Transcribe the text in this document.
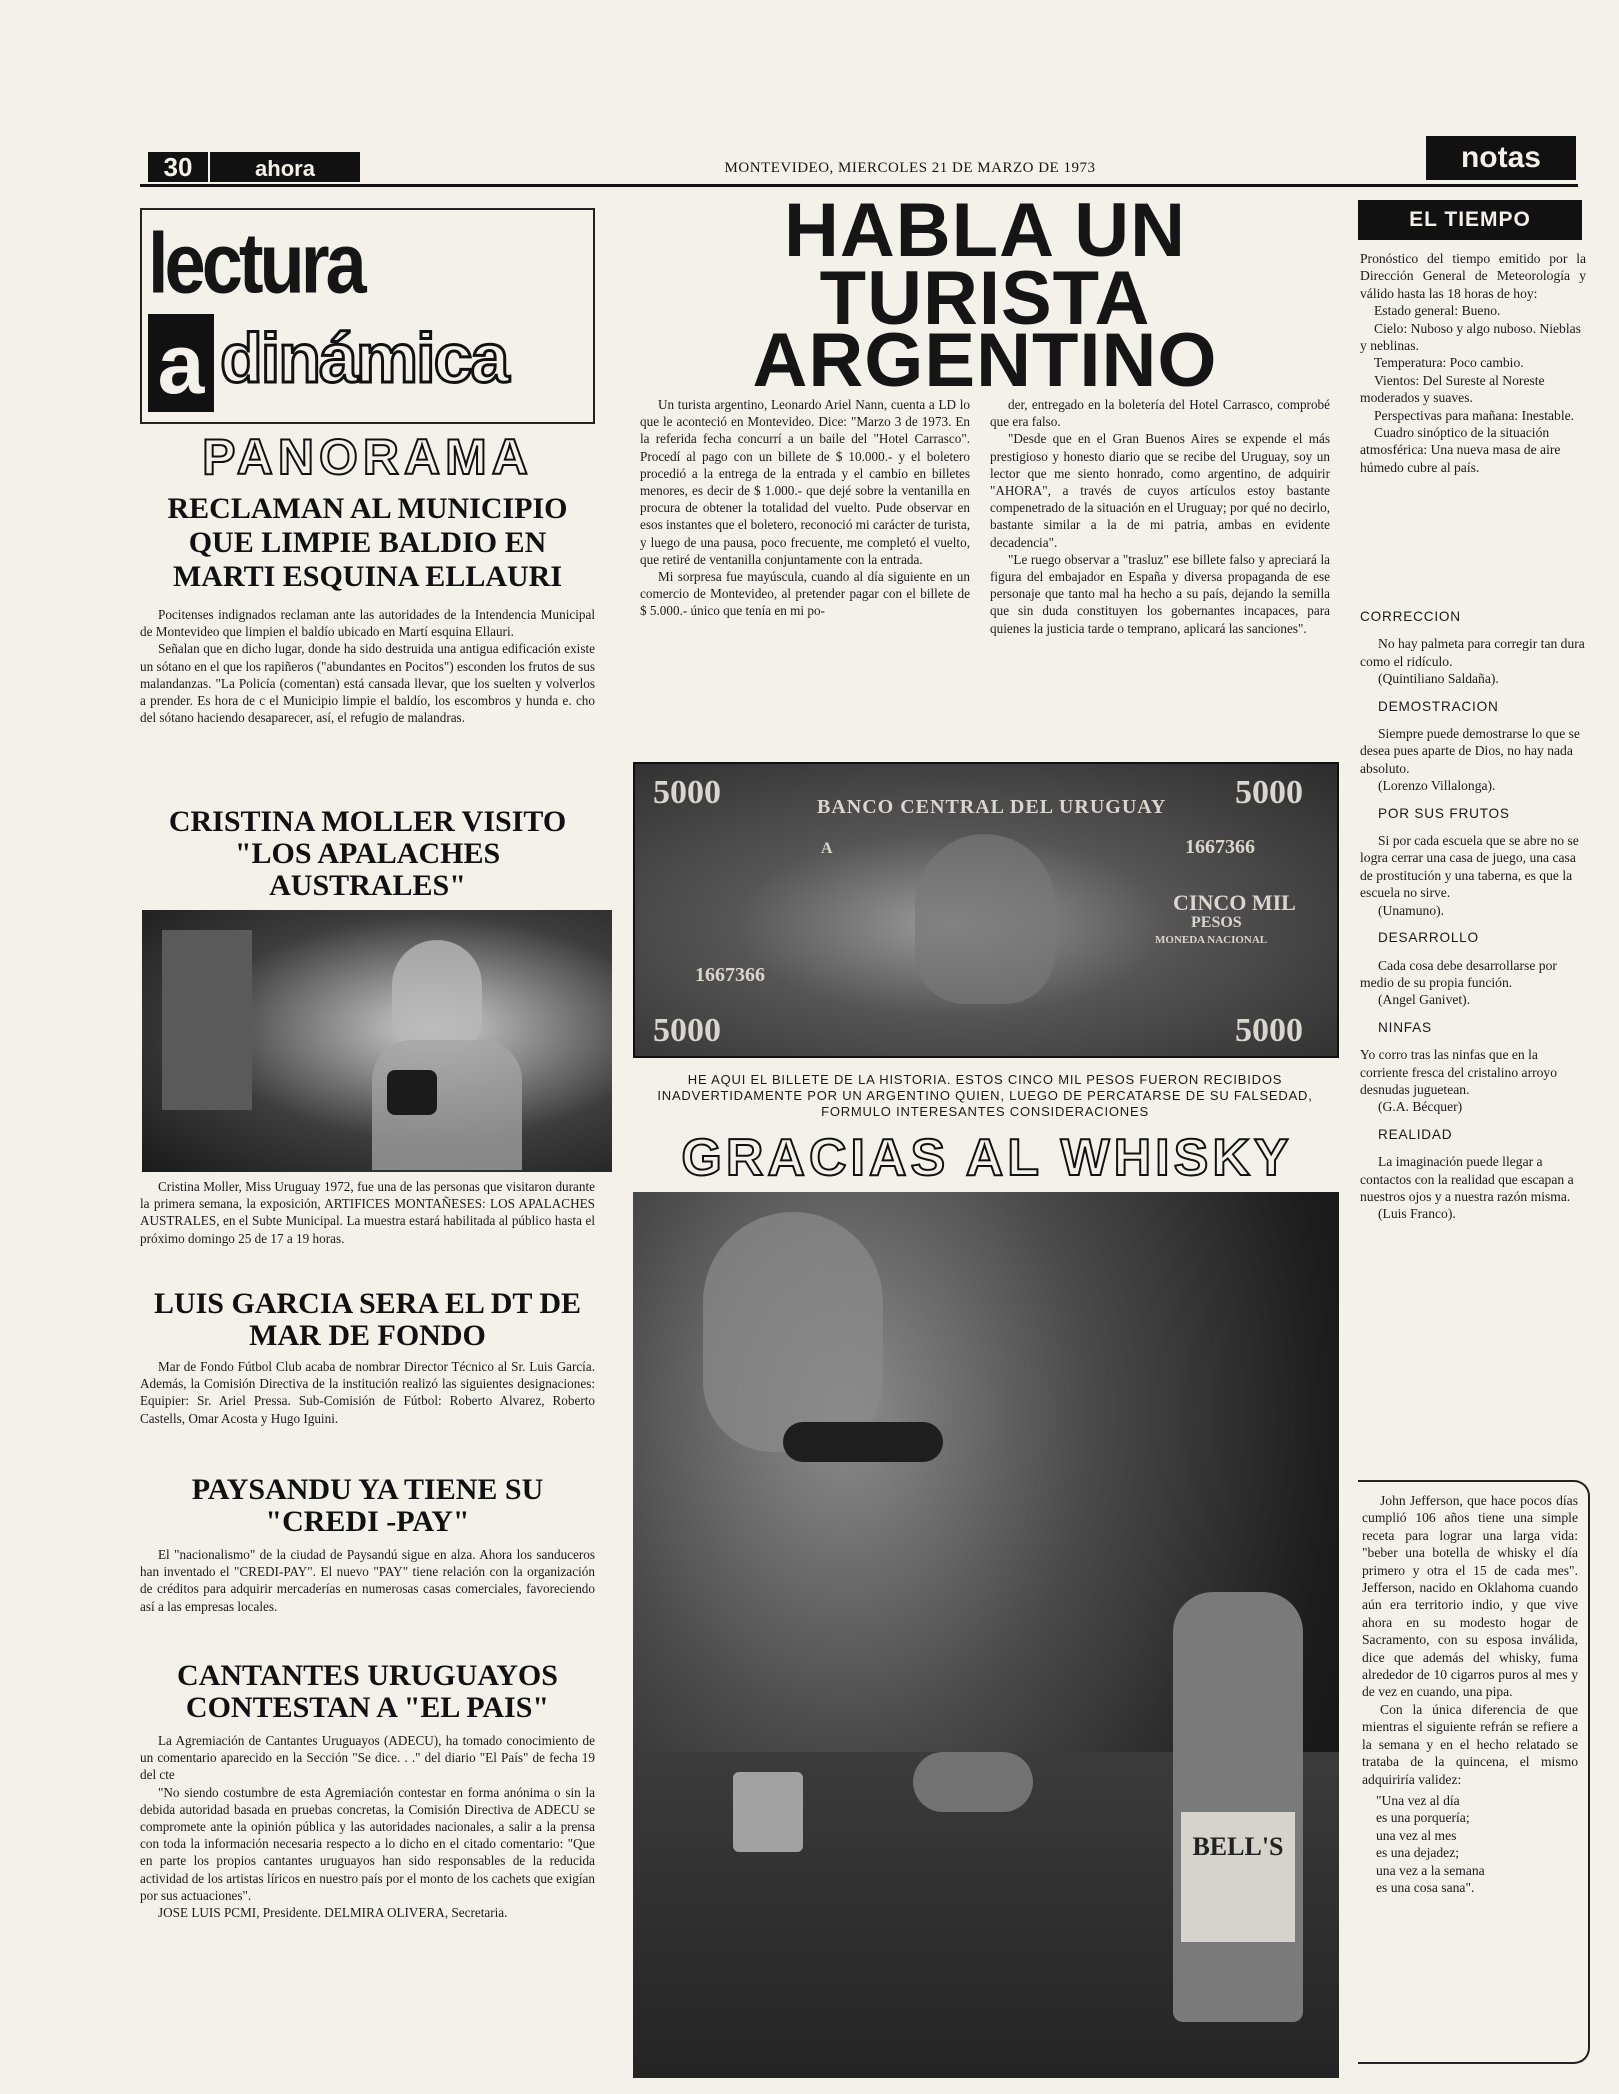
30	ahora	MONTEVIDEO, MIERCOLES 21 DE MARZO DE 1973	notas
lectura
a dinámica
PANORAMA
RECLAMAN AL MUNICIPIO QUE LIMPIE BALDIO EN MARTI ESQUINA ELLAURI

Pocitenses indignados reclaman ante las autoridades de la Intendencia Municipal de Montevideo que limpien el baldío ubicado en Martí esquina Ellauri.

Señalan que en dicho lugar, donde ha sido destruida una antigua edificación existe un sótano en el que los rapiñeros ("abundantes en Pocitos") esconden los frutos de sus malandanzas. "La Policía (comentan) está cansada llevar, que los suelten y volverlos a prender. Es hora de c el Municipio limpie el baldío, los escombros y hunda e. cho del sótano haciendo desaparecer, así, el refugio de malandras.

CRISTINA MOLLER VISITO "LOS APALACHES AUSTRALES"

Cristina Moller, Miss Uruguay 1972, fue una de las personas que visitaron durante la primera semana, la exposición, ARTIFICES MONTAÑESES: LOS APALACHES AUSTRALES, en el Subte Municipal. La muestra estará habilitada al público hasta el próximo domingo 25 de 17 a 19 horas.

LUIS GARCIA SERA EL DT DE MAR DE FONDO

Mar de Fondo Fútbol Club acaba de nombrar Director Técnico al Sr. Luis García. Además, la Comisión Directiva de la institución realizó las siguientes designaciones: Equipier: Sr. Ariel Pressa. Sub-Comisión de Fútbol: Roberto Alvarez, Roberto Castells, Omar Acosta y Hugo Iguini.

PAYSANDU YA TIENE SU "CREDI -PAY"

El "nacionalismo" de la ciudad de Paysandú sigue en alza. Ahora los sanduceros han inventado el "CREDI-PAY". El nuevo "PAY" tiene relación con la organización de créditos para adquirir mercaderías en numerosas casas comerciales, favoreciendo así a las empresas locales.

CANTANTES URUGUAYOS CONTESTAN A "EL PAIS"

La Agremiación de Cantantes Uruguayos (ADECU), ha tomado conocimiento de un comentario aparecido en la Sección "Se dice. . ." del diario "El País" de fecha 19 del cte

"No siendo costumbre de esta Agremiación contestar en forma anónima o sin la debida autoridad basada en pruebas concretas, la Comisión Directiva de ADECU se compromete ante la opinión pública y las autoridades nacionales, a salir a la prensa con toda la información necesaria respecto a lo dicho en el citado comentario: "Que en parte los propios cantantes uruguayos han sido responsables de la reducida actividad de los artistas líricos en nuestro país por el monto de los cachets que exigían por sus actuaciones".

JOSE LUIS PCMI, Presidente. DELMIRA OLIVERA, Secretaria.

HABLA UN
TURISTA
ARGENTINO

Un turista argentino, Leonardo Ariel Nann, cuenta a LD lo que le aconteció en Montevideo. Dice: "Marzo 3 de 1973. En la referida fecha concurrí a un baile del "Hotel Carrasco". Procedí al pago con un billete de $ 10.000.- y el boletero procedió a la entrega de la entrada y el cambio en billetes menores, es decir de $ 1.000.- que dejé sobre la ventanilla en procura de obtener la totalidad del vuelto. Pude observar en esos instantes que el boletero, reconoció mi carácter de turista, y luego de una pausa, poco frecuente, me completó el vuelto, que retiré de ventanilla conjuntamente con la entrada.

Mi sorpresa fue mayúscula, cuando al día siguiente en un comercio de Montevideo, al pretender pagar con el billete de $ 5.000.- único que tenía en mi po-

der, entregado en la boletería del Hotel Carrasco, comprobé que era falso.

"Desde que en el Gran Buenos Aires se expende el más prestigioso y honesto diario que se recibe del Uruguay, soy un lector que me siento honrado, como argentino, de adquirir "AHORA", a través de cuyos artículos estoy bastante compenetrado de la situación en el Uruguay; por qué no decirlo, bastante similar a la de mi patria, ambas en evidente decadencia".

"Le ruego observar a "trasluz" ese billete falso y apreciará la figura del embajador en España y diversa propaganda de ese personaje que tanto mal ha hecho a su país, dejando la semilla que sin duda constituyen los gobernantes incapaces, para quienes la justicia tarde o temprano, aplicará las sanciones".

5000	BANCO CENTRAL DEL URUGUAY 5000
1667366
A
CINCO MIL
PESOS
MONEDA NACIONAL
1667366
5000	5000
HE AQUI EL BILLETE DE LA HISTORIA. ESTOS CINCO MIL PESOS FUERON RECIBIDOS INADVERTIDAMENTE POR UN ARGENTINO QUIEN, LUEGO DE PERCATARSE DE SU FALSEDAD, FORMULO INTERESANTES CONSIDERACIONES
GRACIAS AL WHISKY
BELL'S
EL TIEMPO
Pronóstico del tiempo emitido por la Dirección General de Meteorología y válido hasta las 18 horas de hoy:
Estado general: Bueno.
Cielo: Nuboso y algo nuboso. Nieblas y neblinas.
Temperatura: Poco cambio.
Vientos: Del Sureste al Noreste moderados y suaves.
Perspectivas para mañana: Inestable.
Cuadro sinóptico de la situación atmosférica: Una nueva masa de aire húmedo cubre al país.
CORRECCION
No hay palmeta para corregir tan dura como el ridículo.
(Quintiliano Saldaña).
DEMOSTRACION
Siempre puede demostrarse lo que se desea pues aparte de Dios, no hay nada absoluto.
(Lorenzo Villalonga).
POR SUS FRUTOS
Si por cada escuela que se abre no se logra cerrar una casa de juego, una casa de prostitución y una taberna, es que la escuela no sirve.
(Unamuno).
DESARROLLO
Cada cosa debe desarrollarse por medio de su propia función.
(Angel Ganivet).
NINFAS
Yo corro tras las ninfas que en la corriente fresca del cristalino arroyo desnudas juguetean.
(G.A. Bécquer)
REALIDAD
La imaginación puede llegar a contactos con la realidad que escapan a nuestros ojos y a nuestra razón misma.
(Luis Franco).
John Jefferson, que hace pocos días cumplió 106 años tiene una simple receta para lograr una larga vida: "beber una botella de whisky el día primero y otra el 15 de cada mes". Jefferson, nacido en Oklahoma cuando aún era territorio indio, y que vive ahora en su modesto hogar de Sacramento, con su esposa inválida, dice que además del whisky, fuma alrededor de 10 cigarros puros al mes y de vez en cuando, una pipa.
Con la única diferencia de que mientras el siguiente refrán se refiere a la semana y en el hecho relatado se trataba de la quincena, el mismo adquiriría validez:
"Una vez al día
es una porquería;
una vez al mes
es una dejadez;
una vez a la semana
es una cosa sana".
